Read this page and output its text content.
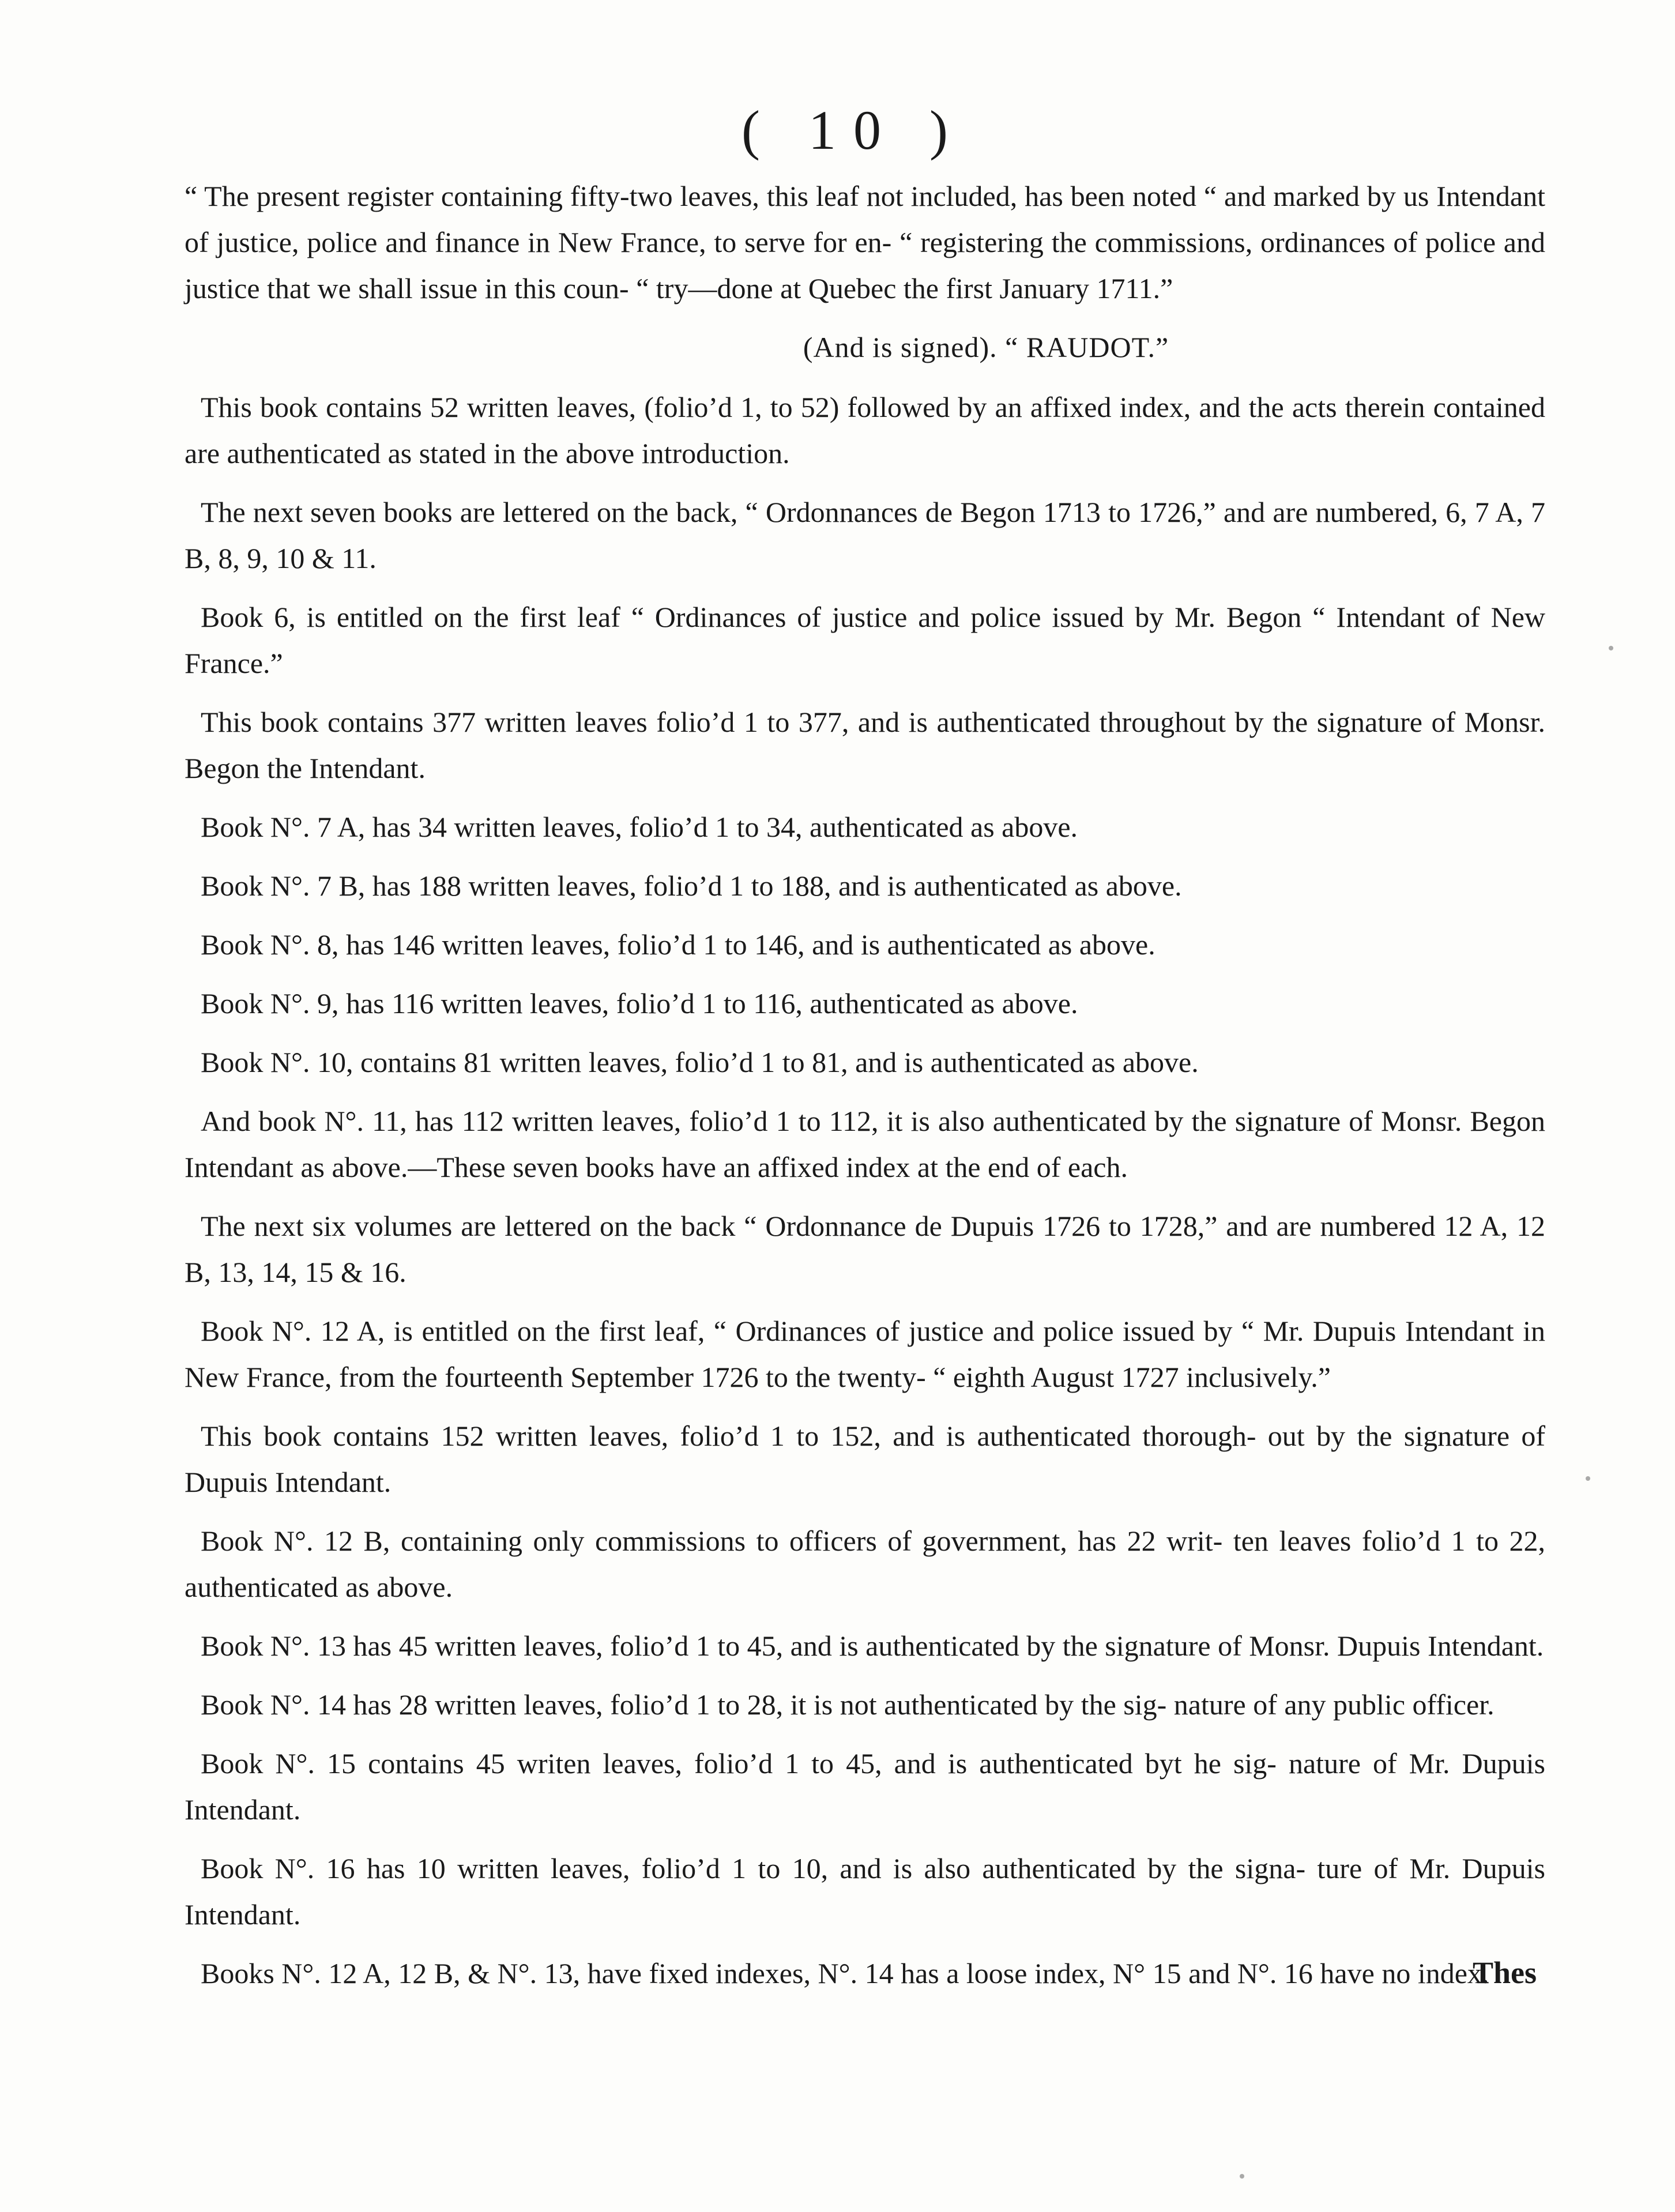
( 10 )

“ The present register containing fifty-two leaves, this leaf not included, has been noted “ and marked by us Intendant of justice, police and finance in New France, to serve for en- “ registering the commissions, ordinances of police and justice that we shall issue in this coun- “ try—done at Quebec the first January 1711.”

(And is signed). “ RAUDOT.”

This book contains 52 written leaves, (folio’d 1, to 52) followed by an affixed index, and the acts therein contained are authenticated as stated in the above introduction.

The next seven books are lettered on the back, “ Ordonnances de Begon 1713 to 1726,” and are numbered, 6, 7 A, 7 B, 8, 9, 10 & 11.

Book 6, is entitled on the first leaf “ Ordinances of justice and police issued by Mr. Begon “ Intendant of New France.”

This book contains 377 written leaves folio’d 1 to 377, and is authenticated throughout by the signature of Monsr. Begon the Intendant.

Book N°. 7 A, has 34 written leaves, folio’d 1 to 34, authenticated as above.

Book N°. 7 B, has 188 written leaves, folio’d 1 to 188, and is authenticated as above.

Book N°. 8, has 146 written leaves, folio’d 1 to 146, and is authenticated as above.

Book N°. 9, has 116 written leaves, folio’d 1 to 116, authenticated as above.

Book N°. 10, contains 81 written leaves, folio’d 1 to 81, and is authenticated as above.

And book N°. 11, has 112 written leaves, folio’d 1 to 112, it is also authenticated by the signature of Monsr. Begon Intendant as above.—These seven books have an affixed index at the end of each.

The next six volumes are lettered on the back “ Ordonnance de Dupuis 1726 to 1728,” and are numbered 12 A, 12 B, 13, 14, 15 & 16.

Book N°. 12 A, is entitled on the first leaf, “ Ordinances of justice and police issued by “ Mr. Dupuis Intendant in New France, from the fourteenth September 1726 to the twenty- “ eighth August 1727 inclusively.”

This book contains 152 written leaves, folio’d 1 to 152, and is authenticated thorough- out by the signature of Dupuis Intendant.

Book N°. 12 B, containing only commissions to officers of government, has 22 writ- ten leaves folio’d 1 to 22, authenticated as above.

Book N°. 13 has 45 written leaves, folio’d 1 to 45, and is authenticated by the signature of Monsr. Dupuis Intendant.

Book N°. 14 has 28 written leaves, folio’d 1 to 28, it is not authenticated by the sig- nature of any public officer.

Book N°. 15 contains 45 writen leaves, folio’d 1 to 45, and is authenticated byt he sig- nature of Mr. Dupuis Intendant.

Book N°. 16 has 10 written leaves, folio’d 1 to 10, and is also authenticated by the signa- ture of Mr. Dupuis Intendant.

Books N°. 12 A, 12 B, & N°. 13, have fixed indexes, N°. 14 has a loose index, N° 15 and N°. 16 have no index.

Thes
